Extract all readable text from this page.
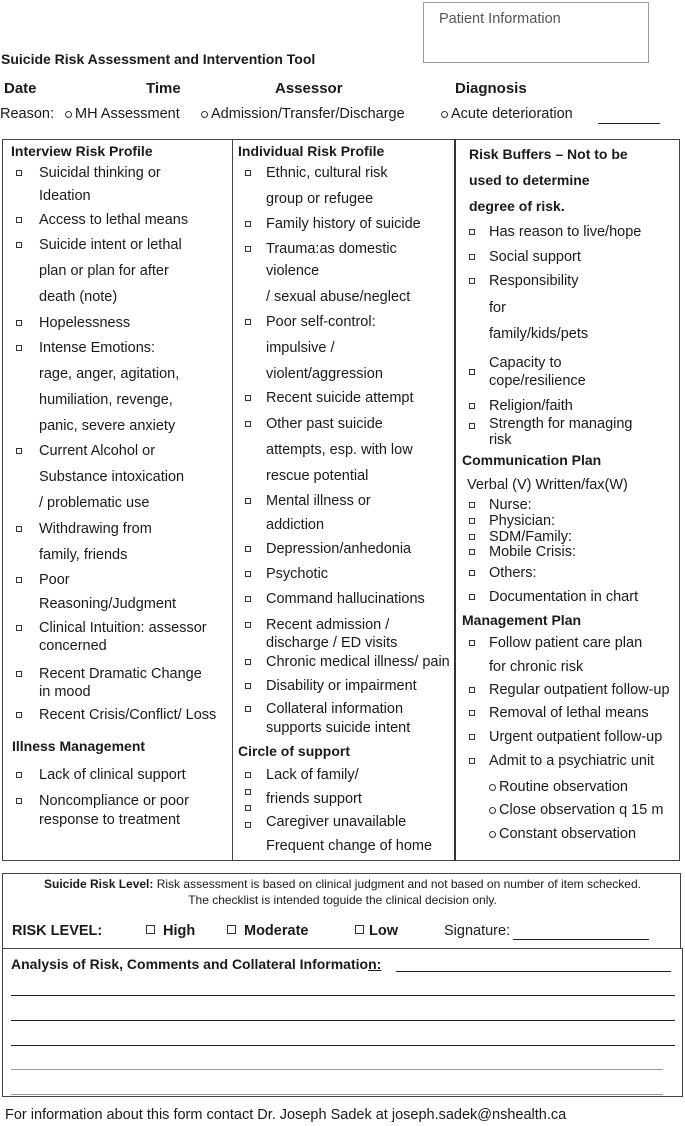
Patient Information
Suicide Risk Assessment and Intervention Tool
Date	Time	Assessor	Diagnosis
Reason:	MH Assessment	Admission/Transfer/Discharge	Acute deterioration
Interview Risk Profile
Suicidal thinking or
Ideation
Access to lethal means
Suicide intent or lethal
plan or plan for after
death (note)
Hopelessness
Intense Emotions:
rage, anger, agitation,
humiliation, revenge,
panic, severe anxiety
Current Alcohol or
Substance intoxication
/ problematic use
Withdrawing from
family, friends
Poor
Reasoning/Judgment
Clinical Intuition: assessor
concerned
Recent Dramatic Change
in mood
Recent Crisis/Conflict/ Loss
Illness Management
Lack of clinical support
Noncompliance or poor
response to treatment
Individual Risk Profile
Ethnic, cultural risk
group or refugee
Family history of suicide
Trauma:as domestic
violence
/ sexual abuse/neglect
Poor self-control:
impulsive /
violent/aggression
Recent suicide attempt
Other past suicide
attempts, esp. with low
rescue potential
Mental illness or
addiction
Depression/anhedonia
Psychotic
Command hallucinations
Recent admission /
discharge / ED visits
Chronic medical illness/ pain
Disability or impairment
Collateral information
supports suicide intent
Circle of support
Lack of family/
friends support
Caregiver unavailable
Frequent change of home
Risk Buffers – Not to be
used to determine
degree of risk.
Has reason to live/hope
Social support
Responsibility
for
family/kids/pets
Capacity to
cope/resilience
Religion/faith
Strength for managing
risk
Communication Plan
Verbal (V) Written/fax(W)
Nurse:
Physician:
SDM/Family:
Mobile Crisis:
Others:
Documentation in chart
Management Plan
Follow patient care plan
for chronic risk
Regular outpatient follow-up
Removal of lethal means
Urgent outpatient follow-up
Admit to a psychiatric unit
Routine observation
Close observation q 15 m
Constant observation
Suicide Risk Level: Risk assessment is based on clinical judgment and not based on number of item schecked.
The checklist is intended toguide the clinical decision only.
RISK LEVEL:	High	Moderate	Low	Signature:
Analysis of Risk, Comments and Collateral Information:
For information about this form contact Dr. Joseph Sadek at joseph.sadek@nshealth.ca
